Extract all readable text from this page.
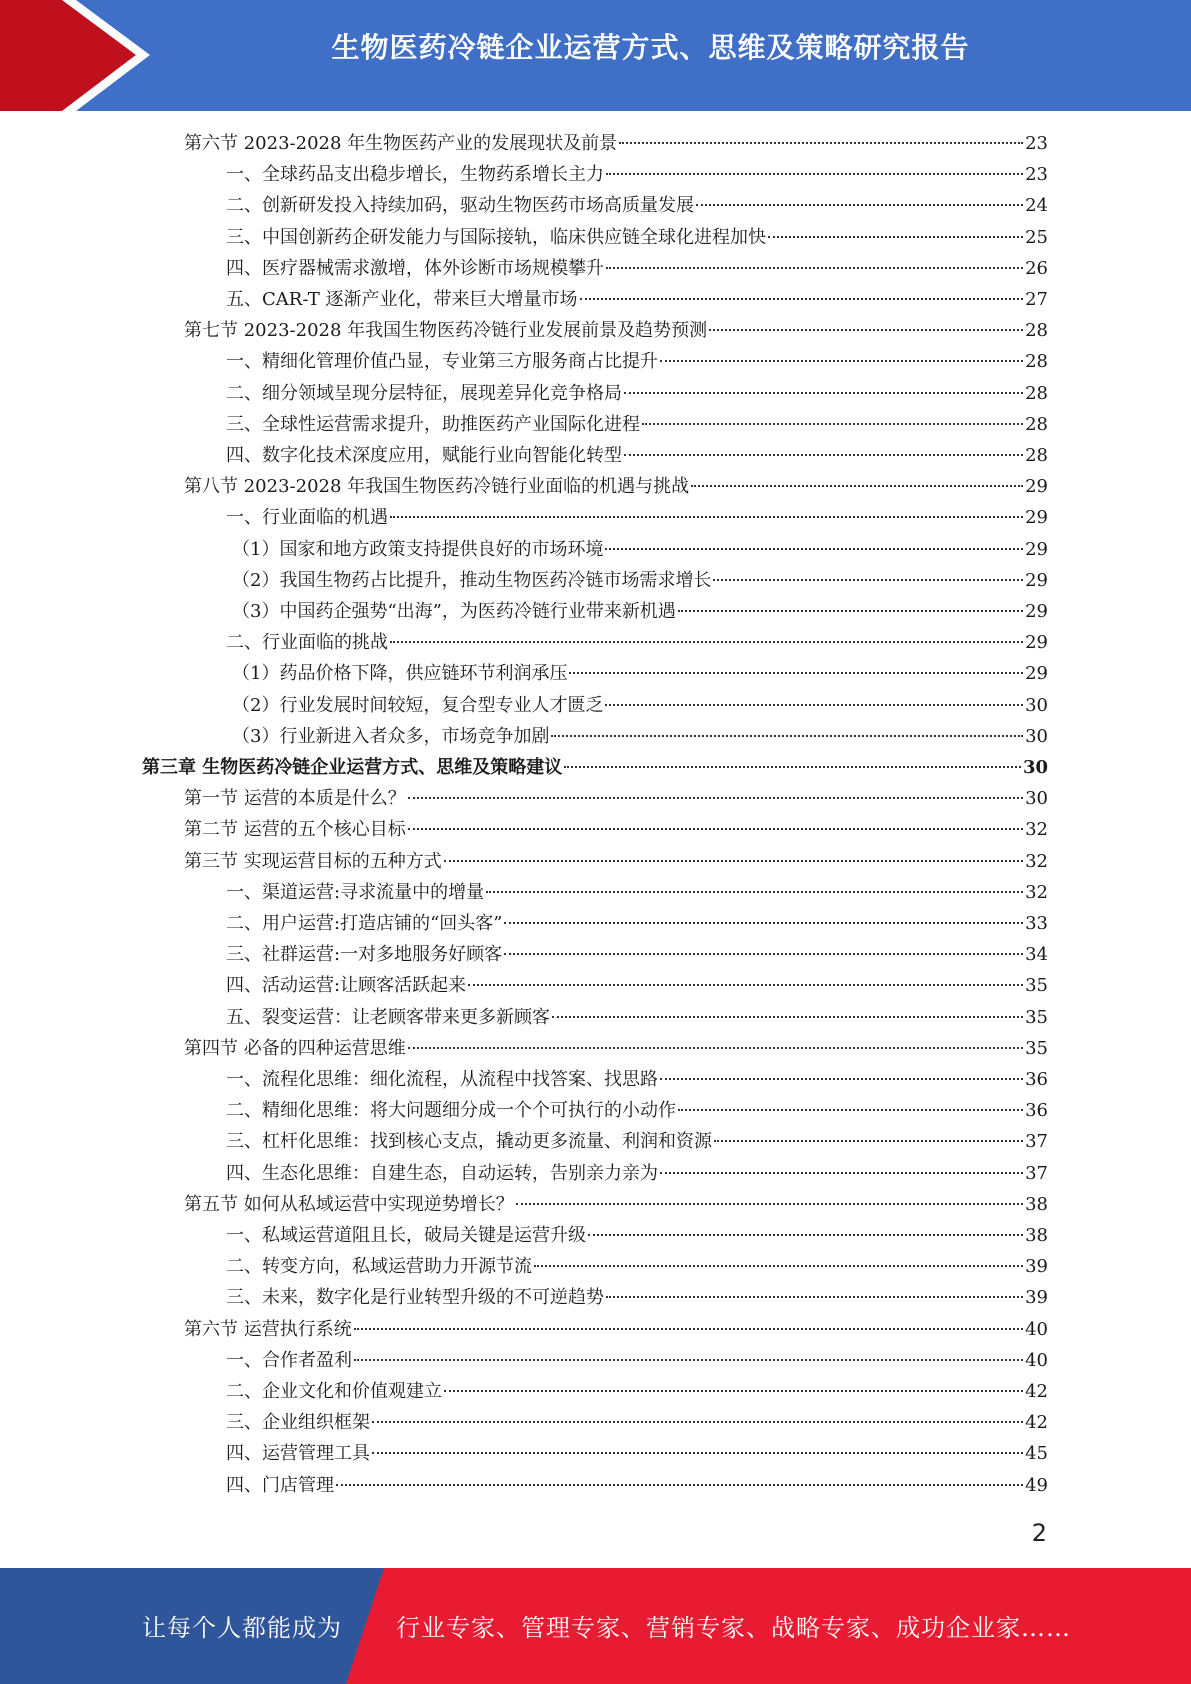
生物医药冷链企业运营方式、思维及策略研究报告
第六节 2023-2028 年生物医药产业的发展现状及前景	23
一、全球药品支出稳步增长，生物药系增长主力	23
二、创新研发投入持续加码，驱动生物医药市场高质量发展	24
三、中国创新药企研发能力与国际接轨，临床供应链全球化进程加快	25
四、医疗器械需求激增，体外诊断市场规模攀升	26
五、CAR-T 逐渐产业化，带来巨大增量市场	27
第七节 2023-2028 年我国生物医药冷链行业发展前景及趋势预测	28
一、精细化管理价值凸显，专业第三方服务商占比提升	28
二、细分领域呈现分层特征，展现差异化竞争格局	28
三、全球性运营需求提升，助推医药产业国际化进程	28
四、数字化技术深度应用，赋能行业向智能化转型	28
第八节 2023-2028 年我国生物医药冷链行业面临的机遇与挑战	29
一、行业面临的机遇	29
（1）国家和地方政策支持提供良好的市场环境	29
（2）我国生物药占比提升，推动生物医药冷链市场需求增长	29
（3）中国药企强势“出海”，为医药冷链行业带来新机遇	29
二、行业面临的挑战	29
（1）药品价格下降，供应链环节利润承压	29
（2）行业发展时间较短，复合型专业人才匮乏	30
（3）行业新进入者众多，市场竞争加剧	30
第三章 生物医药冷链企业运营方式、思维及策略建议	30
第一节 运营的本质是什么？	30
第二节 运营的五个核心目标	32
第三节 实现运营目标的五种方式	32
一、渠道运营:寻求流量中的增量	32
二、用户运营:打造店铺的“回头客”	33
三、社群运营:一对多地服务好顾客	34
四、活动运营:让顾客活跃起来	35
五、裂变运营：让老顾客带来更多新顾客	35
第四节 必备的四种运营思维	35
一、流程化思维：细化流程，从流程中找答案、找思路	36
二、精细化思维：将大问题细分成一个个可执行的小动作	36
三、杠杆化思维：找到核心支点，撬动更多流量、利润和资源	37
四、生态化思维：自建生态，自动运转，告别亲力亲为	37
第五节 如何从私域运营中实现逆势增长？	38
一、私域运营道阻且长，破局关键是运营升级	38
二、转变方向，私域运营助力开源节流	39
三、未来，数字化是行业转型升级的不可逆趋势	39
第六节 运营执行系统	40
一、合作者盈利	40
二、企业文化和价值观建立	42
三、企业组织框架	42
四、运营管理工具	45
四、门店管理	49
2
让每个人都能成为 行业专家、管理专家、营销专家、战略专家、成功企业家……
